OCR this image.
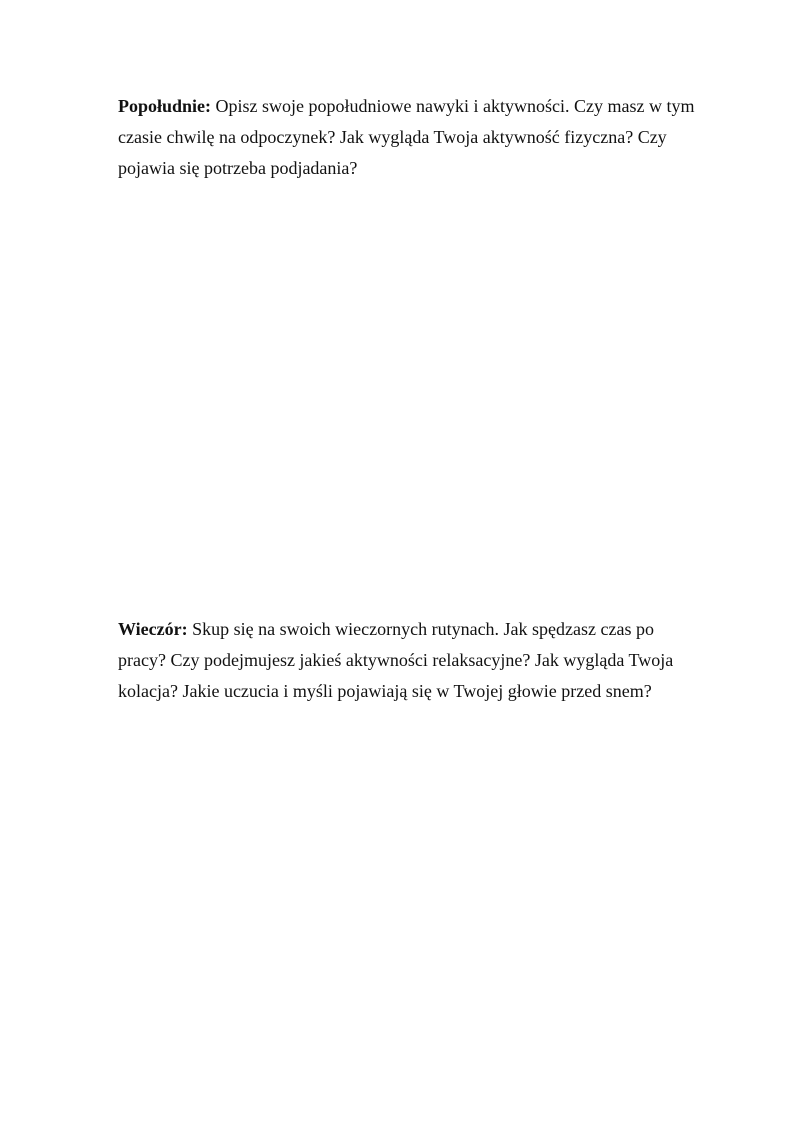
Popołudnie: Opisz swoje popołudniowe nawyki i aktywności. Czy masz w tym czasie chwilę na odpoczynek? Jak wygląda Twoja aktywność fizyczna? Czy pojawia się potrzeba podjadania?

Wieczór: Skup się na swoich wieczornych rutynach. Jak spędzasz czas po pracy? Czy podejmujesz jakieś aktywności relaksacyjne? Jak wygląda Twoja kolacja? Jakie uczucia i myśli pojawiają się w Twojej głowie przed snem?
